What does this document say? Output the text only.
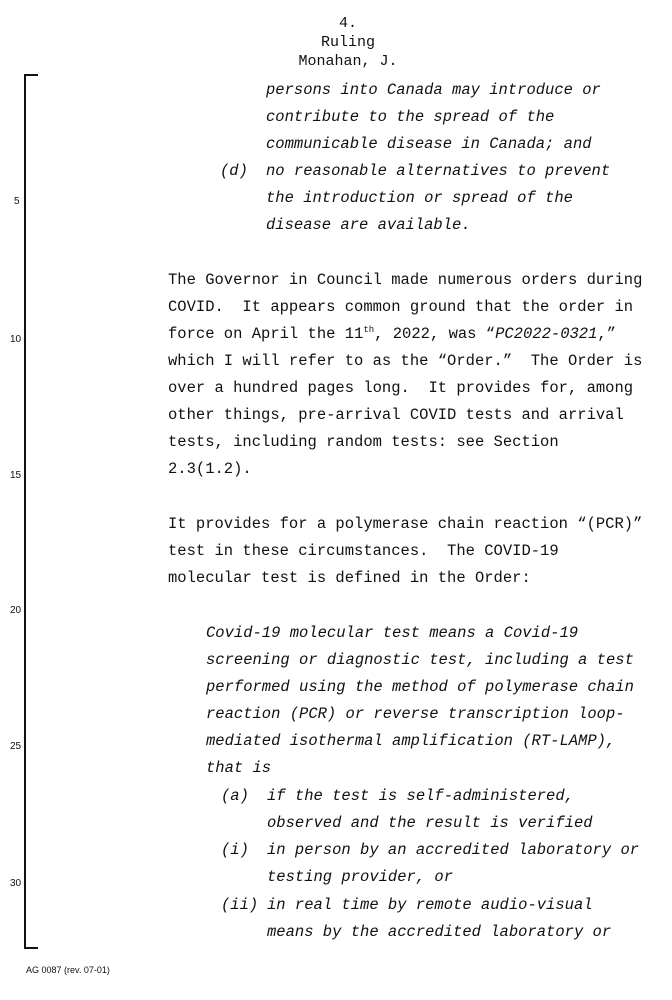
4.
Ruling
Monahan, J.
5
10
15
20
25
30
persons into Canada may introduce or
contribute to the spread of the
communicable disease in Canada; and
(d) no reasonable alternatives to prevent
the introduction or spread of the
disease are available.
The Governor in Council made numerous orders during
COVID.  It appears common ground that the order in
force on April the 11th, 2022, was “PC2022-0321,”
which I will refer to as the “Order.”  The Order is
over a hundred pages long.  It provides for, among
other things, pre-arrival COVID tests and arrival
tests, including random tests: see Section
2.3(1.2).
It provides for a polymerase chain reaction “(PCR)”
test in these circumstances.  The COVID-19
molecular test is defined in the Order:
Covid-19 molecular test means a Covid-19
screening or diagnostic test, including a test
performed using the method of polymerase chain
reaction (PCR) or reverse transcription loop-
mediated isothermal amplification (RT-LAMP),
that is
(a) if the test is self-administered,
observed and the result is verified
(i) in person by an accredited laboratory or
testing provider, or
(ii) in real time by remote audio-visual
means by the accredited laboratory or
AG 0087 (rev. 07-01)
